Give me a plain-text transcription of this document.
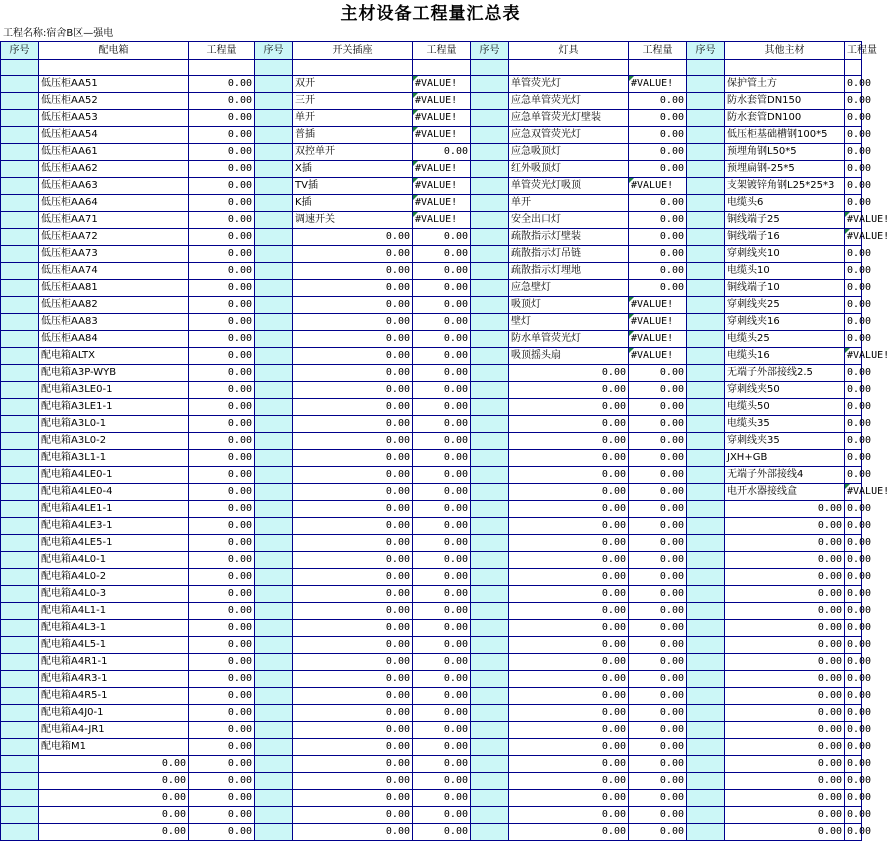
主材设备工程量汇总表
工程名称:宿舍B区—强电
序号	配电箱	工程量	序号	开关插座	工程量	序号	灯具	工程量	序号	其他主材	工程量

	低压柜AA51	0.00		双开	#VALUE!		单管荧光灯	#VALUE!		保护管土方	0.00
	低压柜AA52	0.00		三开	#VALUE!		应急单管荧光灯	0.00		防水套管DN150	0.00
	低压柜AA53	0.00		单开	#VALUE!		应急单管荧光灯壁装	0.00		防水套管DN100	0.00
	低压柜AA54	0.00		普插	#VALUE!		应急双管荧光灯	0.00		低压柜基础槽钢100*5	0.00
	低压柜AA61	0.00		双控单开	0.00		应急吸顶灯	0.00		预埋角钢L50*5	0.00
	低压柜AA62	0.00		X插	#VALUE!		红外吸顶灯	0.00		预埋扁钢-25*5	0.00
	低压柜AA63	0.00		TV插	#VALUE!		单管荧光灯吸顶	#VALUE!		支架镀锌角钢L25*25*3	0.00
	低压柜AA64	0.00		K插	#VALUE!		单开	0.00		电缆头6	0.00
	低压柜AA71	0.00		调速开关	#VALUE!		安全出口灯	0.00		铜线端子25	#VALUE!
	低压柜AA72	0.00		0.00	0.00		疏散指示灯壁装	0.00		铜线端子16	#VALUE!
	低压柜AA73	0.00		0.00	0.00		疏散指示灯吊链	0.00		穿刺线夹10	0.00
	低压柜AA74	0.00		0.00	0.00		疏散指示灯埋地	0.00		电缆头10	0.00
	低压柜AA81	0.00		0.00	0.00		应急壁灯	0.00		铜线端子10	0.00
	低压柜AA82	0.00		0.00	0.00		吸顶灯	#VALUE!		穿刺线夹25	0.00
	低压柜AA83	0.00		0.00	0.00		壁灯	#VALUE!		穿刺线夹16	0.00
	低压柜AA84	0.00		0.00	0.00		防水单管荧光灯	#VALUE!		电缆头25	0.00
	配电箱ALTX	0.00		0.00	0.00		吸顶摇头扇	#VALUE!		电缆头16	#VALUE!
	配电箱A3P-WYB	0.00		0.00	0.00		0.00	0.00		无端子外部接线2.5	0.00
	配电箱A3LE0-1	0.00		0.00	0.00		0.00	0.00		穿刺线夹50	0.00
	配电箱A3LE1-1	0.00		0.00	0.00		0.00	0.00		电缆头50	0.00
	配电箱A3L0-1	0.00		0.00	0.00		0.00	0.00		电缆头35	0.00
	配电箱A3L0-2	0.00		0.00	0.00		0.00	0.00		穿刺线夹35	0.00
	配电箱A3L1-1	0.00		0.00	0.00		0.00	0.00		JXH+GB	0.00
	配电箱A4LE0-1	0.00		0.00	0.00		0.00	0.00		无端子外部接线4	0.00
	配电箱A4LE0-4	0.00		0.00	0.00		0.00	0.00		电开水器接线盒	#VALUE!
	配电箱A4LE1-1	0.00		0.00	0.00		0.00	0.00		0.00	0.00
	配电箱A4LE3-1	0.00		0.00	0.00		0.00	0.00		0.00	0.00
	配电箱A4LE5-1	0.00		0.00	0.00		0.00	0.00		0.00	0.00
	配电箱A4L0-1	0.00		0.00	0.00		0.00	0.00		0.00	0.00
	配电箱A4L0-2	0.00		0.00	0.00		0.00	0.00		0.00	0.00
	配电箱A4L0-3	0.00		0.00	0.00		0.00	0.00		0.00	0.00
	配电箱A4L1-1	0.00		0.00	0.00		0.00	0.00		0.00	0.00
	配电箱A4L3-1	0.00		0.00	0.00		0.00	0.00		0.00	0.00
	配电箱A4L5-1	0.00		0.00	0.00		0.00	0.00		0.00	0.00
	配电箱A4R1-1	0.00		0.00	0.00		0.00	0.00		0.00	0.00
	配电箱A4R3-1	0.00		0.00	0.00		0.00	0.00		0.00	0.00
	配电箱A4R5-1	0.00		0.00	0.00		0.00	0.00		0.00	0.00
	配电箱A4J0-1	0.00		0.00	0.00		0.00	0.00		0.00	0.00
	配电箱A4-JR1	0.00		0.00	0.00		0.00	0.00		0.00	0.00
	配电箱M1	0.00		0.00	0.00		0.00	0.00		0.00	0.00
	0.00	0.00		0.00	0.00		0.00	0.00		0.00	0.00
	0.00	0.00		0.00	0.00		0.00	0.00		0.00	0.00
	0.00	0.00		0.00	0.00		0.00	0.00		0.00	0.00
	0.00	0.00		0.00	0.00		0.00	0.00		0.00	0.00
	0.00	0.00		0.00	0.00		0.00	0.00		0.00	0.00
